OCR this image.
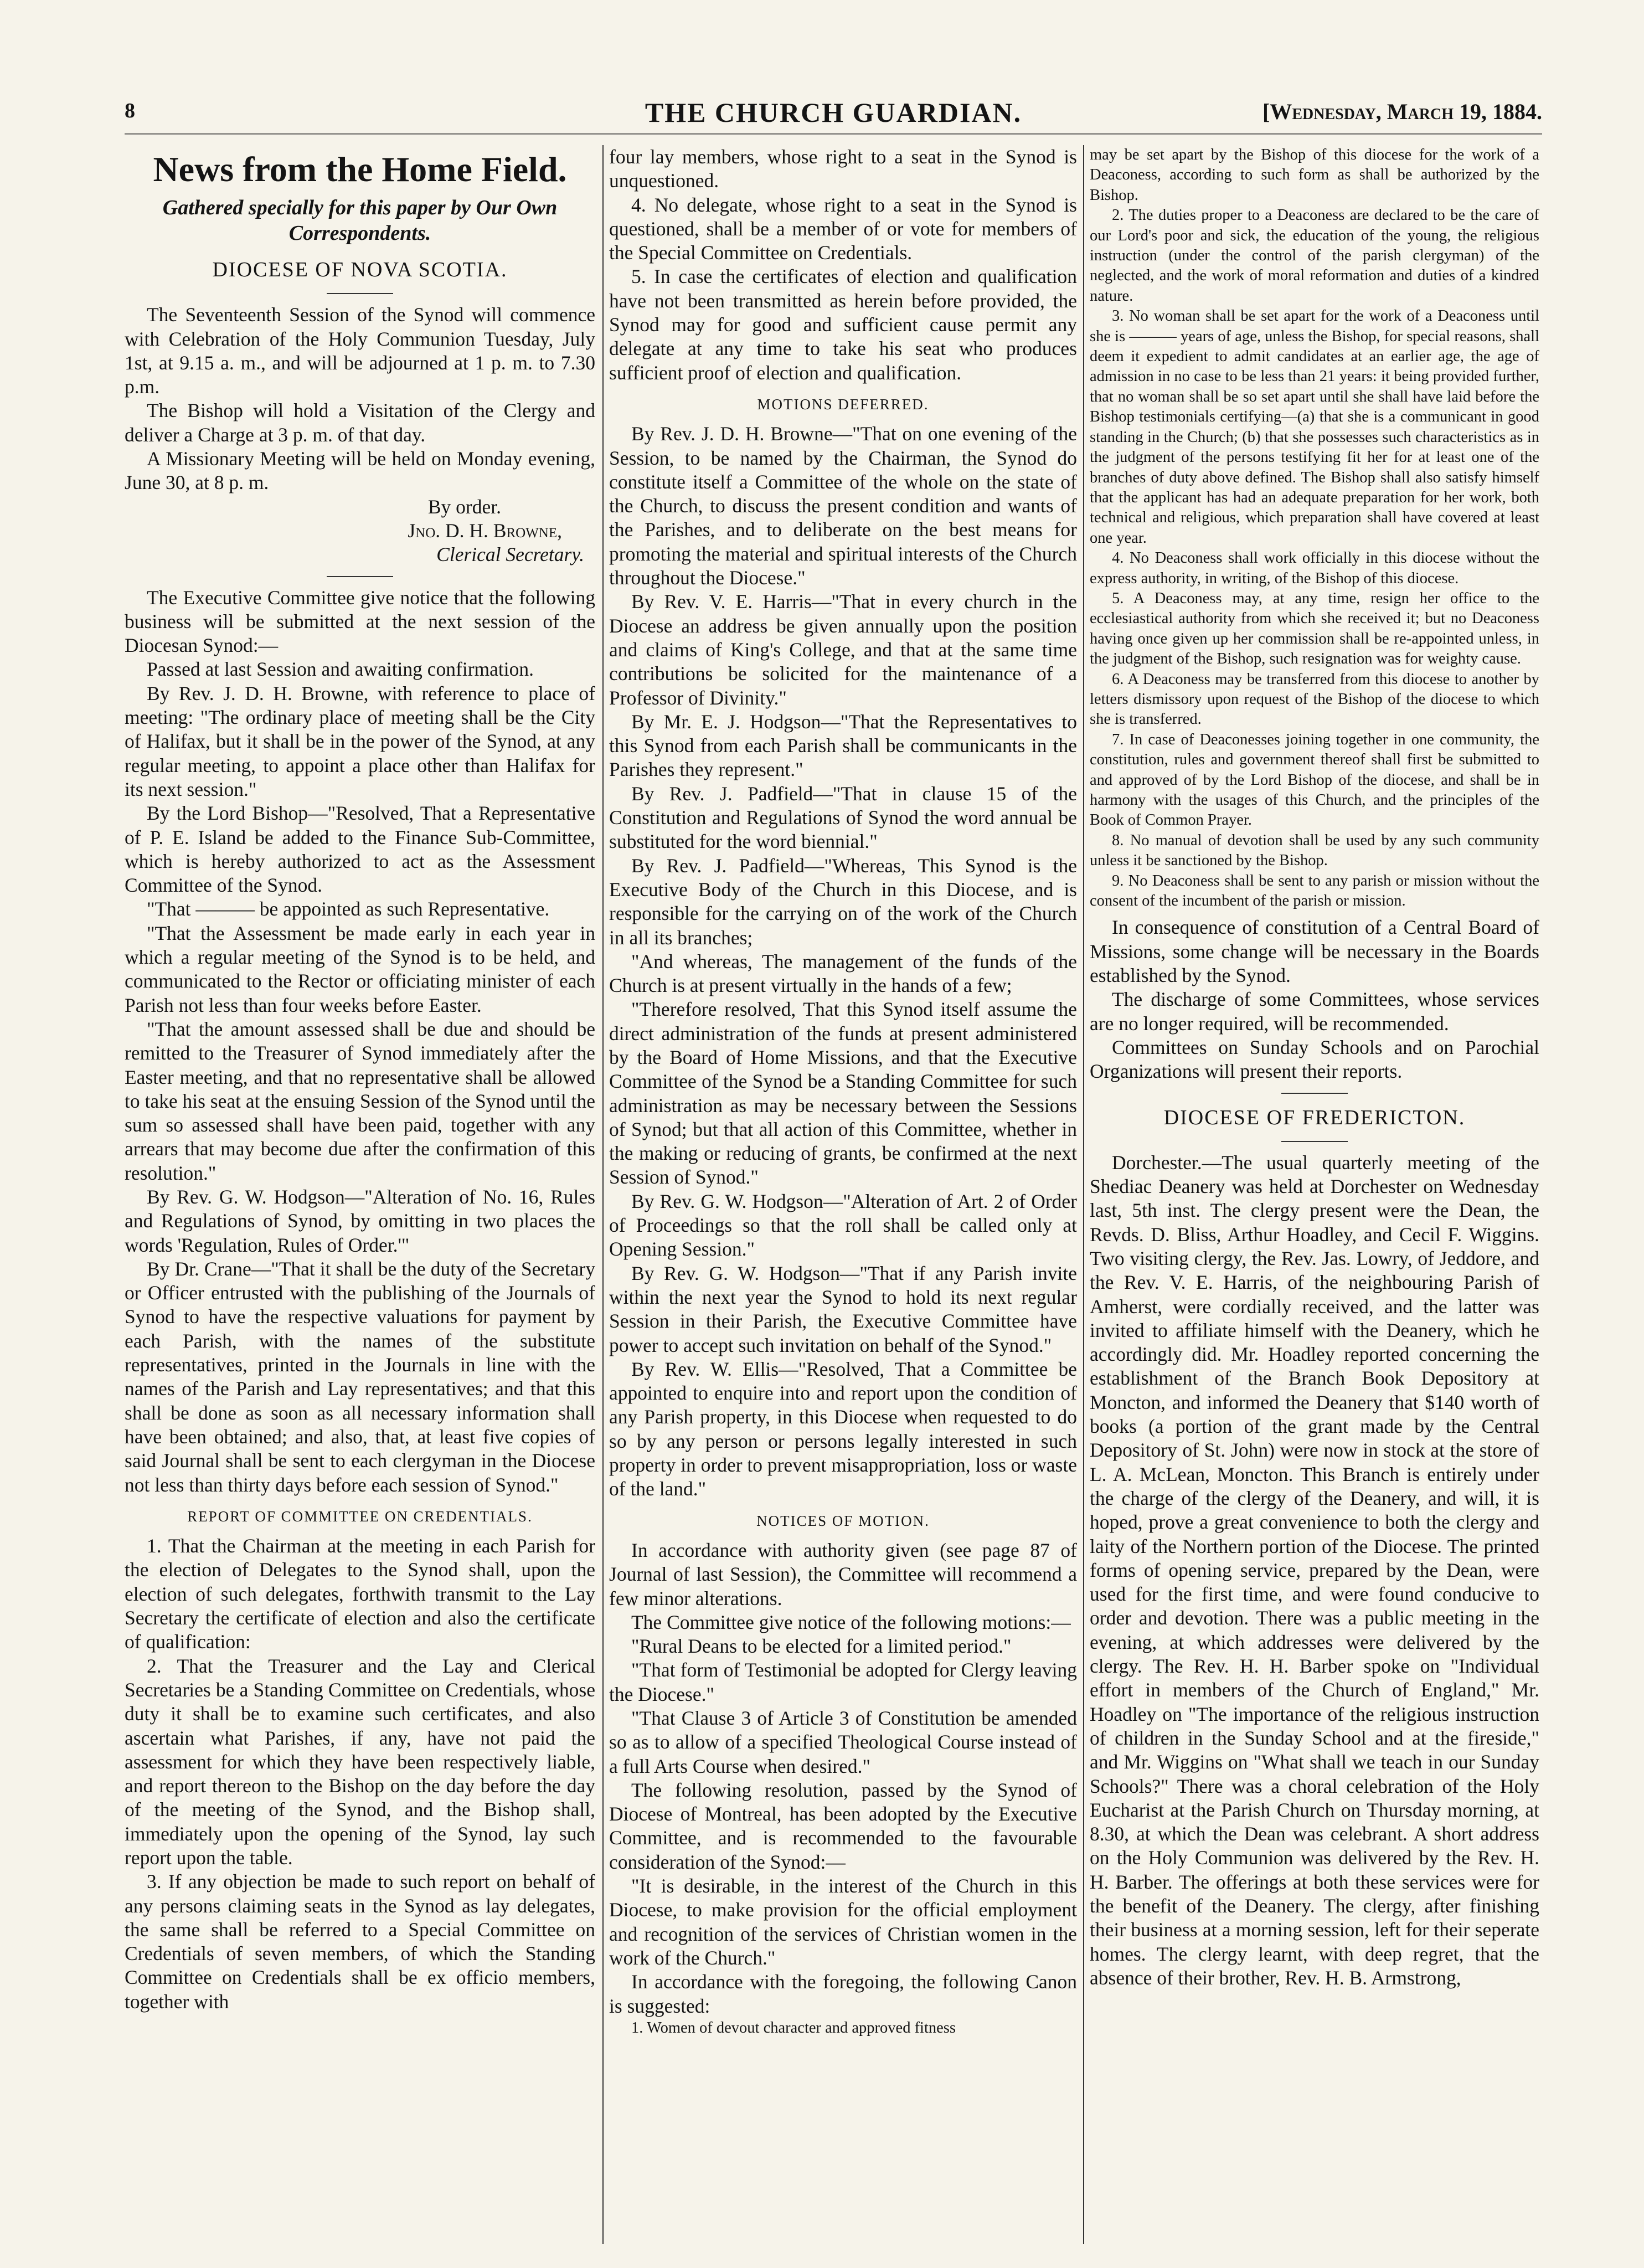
8	THE CHURCH GUARDIAN.	[Wednesday, March 19, 1884.
News from the Home Field.
Gathered specially for this paper by Our Own Correspondents.
DIOCESE OF NOVA SCOTIA.

The Seventeenth Session of the Synod will commence with Celebration of the Holy Communion Tuesday, July 1st, at 9.15 a. m., and will be adjourned at 1 p. m. to 7.30 p.m.

The Bishop will hold a Visitation of the Clergy and deliver a Charge at 3 p. m. of that day.

A Missionary Meeting will be held on Monday evening, June 30, at 8 p. m.

By order.

Jno. D. H. Browne,

Clerical Secretary.

The Executive Committee give notice that the following business will be submitted at the next session of the Diocesan Synod:—

Passed at last Session and awaiting confirmation.

By Rev. J. D. H. Browne, with reference to place of meeting: "The ordinary place of meeting shall be the City of Halifax, but it shall be in the power of the Synod, at any regular meeting, to appoint a place other than Halifax for its next session."

By the Lord Bishop—"Resolved, That a Representative of P. E. Island be added to the Finance Sub-Committee, which is hereby authorized to act as the Assessment Committee of the Synod.

"That ——— be appointed as such Representative.

"That the Assessment be made early in each year in which a regular meeting of the Synod is to be held, and communicated to the Rector or officiating minister of each Parish not less than four weeks before Easter.

"That the amount assessed shall be due and should be remitted to the Treasurer of Synod immediately after the Easter meeting, and that no representative shall be allowed to take his seat at the ensuing Session of the Synod until the sum so assessed shall have been paid, together with any arrears that may become due after the confirmation of this resolution."

By Rev. G. W. Hodgson—"Alteration of No. 16, Rules and Regulations of Synod, by omitting in two places the words 'Regulation, Rules of Order.'"

By Dr. Crane—"That it shall be the duty of the Secretary or Officer entrusted with the publishing of the Journals of Synod to have the respective valuations for payment by each Parish, with the names of the substitute representatives, printed in the Journals in line with the names of the Parish and Lay representatives; and that this shall be done as soon as all necessary information shall have been obtained; and also, that, at least five copies of said Journal shall be sent to each clergyman in the Diocese not less than thirty days before each session of Synod."

REPORT OF COMMITTEE ON CREDENTIALS.

1. That the Chairman at the meeting in each Parish for the election of Delegates to the Synod shall, upon the election of such delegates, forthwith transmit to the Lay Secretary the certificate of election and also the certificate of qualification:

2. That the Treasurer and the Lay and Clerical Secretaries be a Standing Committee on Credentials, whose duty it shall be to examine such certificates, and also ascertain what Parishes, if any, have not paid the assessment for which they have been respectively liable, and report thereon to the Bishop on the day before the day of the meeting of the Synod, and the Bishop shall, immediately upon the opening of the Synod, lay such report upon the table.

3. If any objection be made to such report on behalf of any persons claiming seats in the Synod as lay delegates, the same shall be referred to a Special Committee on Credentials of seven members, of which the Standing Committee on Credentials shall be ex officio members, together with

four lay members, whose right to a seat in the Synod is unquestioned.

4. No delegate, whose right to a seat in the Synod is questioned, shall be a member of or vote for members of the Special Committee on Credentials.

5. In case the certificates of election and qualification have not been transmitted as herein before provided, the Synod may for good and sufficient cause permit any delegate at any time to take his seat who produces sufficient proof of election and qualification.

MOTIONS DEFERRED.

By Rev. J. D. H. Browne—"That on one evening of the Session, to be named by the Chairman, the Synod do constitute itself a Committee of the whole on the state of the Church, to discuss the present condition and wants of the Parishes, and to deliberate on the best means for promoting the material and spiritual interests of the Church throughout the Diocese."

By Rev. V. E. Harris—"That in every church in the Diocese an address be given annually upon the position and claims of King's College, and that at the same time contributions be solicited for the maintenance of a Professor of Divinity."

By Mr. E. J. Hodgson—"That the Representatives to this Synod from each Parish shall be communicants in the Parishes they represent."

By Rev. J. Padfield—"That in clause 15 of the Constitution and Regulations of Synod the word annual be substituted for the word biennial."

By Rev. J. Padfield—"Whereas, This Synod is the Executive Body of the Church in this Diocese, and is responsible for the carrying on of the work of the Church in all its branches;

"And whereas, The management of the funds of the Church is at present virtually in the hands of a few;

"Therefore resolved, That this Synod itself assume the direct administration of the funds at present administered by the Board of Home Missions, and that the Executive Committee of the Synod be a Standing Committee for such administration as may be necessary between the Sessions of Synod; but that all action of this Committee, whether in the making or reducing of grants, be confirmed at the next Session of Synod."

By Rev. G. W. Hodgson—"Alteration of Art. 2 of Order of Proceedings so that the roll shall be called only at Opening Session."

By Rev. G. W. Hodgson—"That if any Parish invite within the next year the Synod to hold its next regular Session in their Parish, the Executive Committee have power to accept such invitation on behalf of the Synod."

By Rev. W. Ellis—"Resolved, That a Committee be appointed to enquire into and report upon the condition of any Parish property, in this Diocese when requested to do so by any person or persons legally interested in such property in order to prevent misappropriation, loss or waste of the land."

NOTICES OF MOTION.

In accordance with authority given (see page 87 of Journal of last Session), the Committee will recommend a few minor alterations.

The Committee give notice of the following motions:—

"Rural Deans to be elected for a limited period."

"That form of Testimonial be adopted for Clergy leaving the Diocese."

"That Clause 3 of Article 3 of Constitution be amended so as to allow of a specified Theological Course instead of a full Arts Course when desired."

The following resolution, passed by the Synod of Diocese of Montreal, has been adopted by the Executive Committee, and is recommended to the favourable consideration of the Synod:—

"It is desirable, in the interest of the Church in this Diocese, to make provision for the official employment and recognition of the services of Christian women in the work of the Church."

In accordance with the foregoing, the following Canon is suggested:

1. Women of devout character and approved fitness

may be set apart by the Bishop of this diocese for the work of a Deaconess, according to such form as shall be authorized by the Bishop.

2. The duties proper to a Deaconess are declared to be the care of our Lord's poor and sick, the education of the young, the religious instruction (under the control of the parish clergyman) of the neglected, and the work of moral reformation and duties of a kindred nature.

3. No woman shall be set apart for the work of a Deaconess until she is ——— years of age, unless the Bishop, for special reasons, shall deem it expedient to admit candidates at an earlier age, the age of admission in no case to be less than 21 years: it being provided further, that no woman shall be so set apart until she shall have laid before the Bishop testimonials certifying—(a) that she is a communicant in good standing in the Church; (b) that she possesses such characteristics as in the judgment of the persons testifying fit her for at least one of the branches of duty above defined. The Bishop shall also satisfy himself that the applicant has had an adequate preparation for her work, both technical and religious, which preparation shall have covered at least one year.

4. No Deaconess shall work officially in this diocese without the express authority, in writing, of the Bishop of this diocese.

5. A Deaconess may, at any time, resign her office to the ecclesiastical authority from which she received it; but no Deaconess having once given up her commission shall be re-appointed unless, in the judgment of the Bishop, such resignation was for weighty cause.

6. A Deaconess may be transferred from this diocese to another by letters dismissory upon request of the Bishop of the diocese to which she is transferred.

7. In case of Deaconesses joining together in one community, the constitution, rules and government thereof shall first be submitted to and approved of by the Lord Bishop of the diocese, and shall be in harmony with the usages of this Church, and the principles of the Book of Common Prayer.

8. No manual of devotion shall be used by any such community unless it be sanctioned by the Bishop.

9. No Deaconess shall be sent to any parish or mission without the consent of the incumbent of the parish or mission.

In consequence of constitution of a Central Board of Missions, some change will be necessary in the Boards established by the Synod.

The discharge of some Committees, whose services are no longer required, will be recommended.

Committees on Sunday Schools and on Parochial Organizations will present their reports.

DIOCESE OF FREDERICTON.

Dorchester.—The usual quarterly meeting of the Shediac Deanery was held at Dorchester on Wednesday last, 5th inst. The clergy present were the Dean, the Revds. D. Bliss, Arthur Hoadley, and Cecil F. Wiggins. Two visiting clergy, the Rev. Jas. Lowry, of Jeddore, and the Rev. V. E. Harris, of the neighbouring Parish of Amherst, were cordially received, and the latter was invited to affiliate himself with the Deanery, which he accordingly did. Mr. Hoadley reported concerning the establishment of the Branch Book Depository at Moncton, and informed the Deanery that $140 worth of books (a portion of the grant made by the Central Depository of St. John) were now in stock at the store of L. A. McLean, Moncton. This Branch is entirely under the charge of the clergy of the Deanery, and will, it is hoped, prove a great convenience to both the clergy and laity of the Northern portion of the Diocese. The printed forms of opening service, prepared by the Dean, were used for the first time, and were found conducive to order and devotion. There was a public meeting in the evening, at which addresses were delivered by the clergy. The Rev. H. H. Barber spoke on "Individual effort in members of the Church of England," Mr. Hoadley on "The importance of the religious instruction of children in the Sunday School and at the fireside," and Mr. Wiggins on "What shall we teach in our Sunday Schools?" There was a choral celebration of the Holy Eucharist at the Parish Church on Thursday morning, at 8.30, at which the Dean was celebrant. A short address on the Holy Communion was delivered by the Rev. H. H. Barber. The offerings at both these services were for the benefit of the Deanery. The clergy, after finishing their business at a morning session, left for their seperate homes. The clergy learnt, with deep regret, that the absence of their brother, Rev. H. B. Armstrong,
